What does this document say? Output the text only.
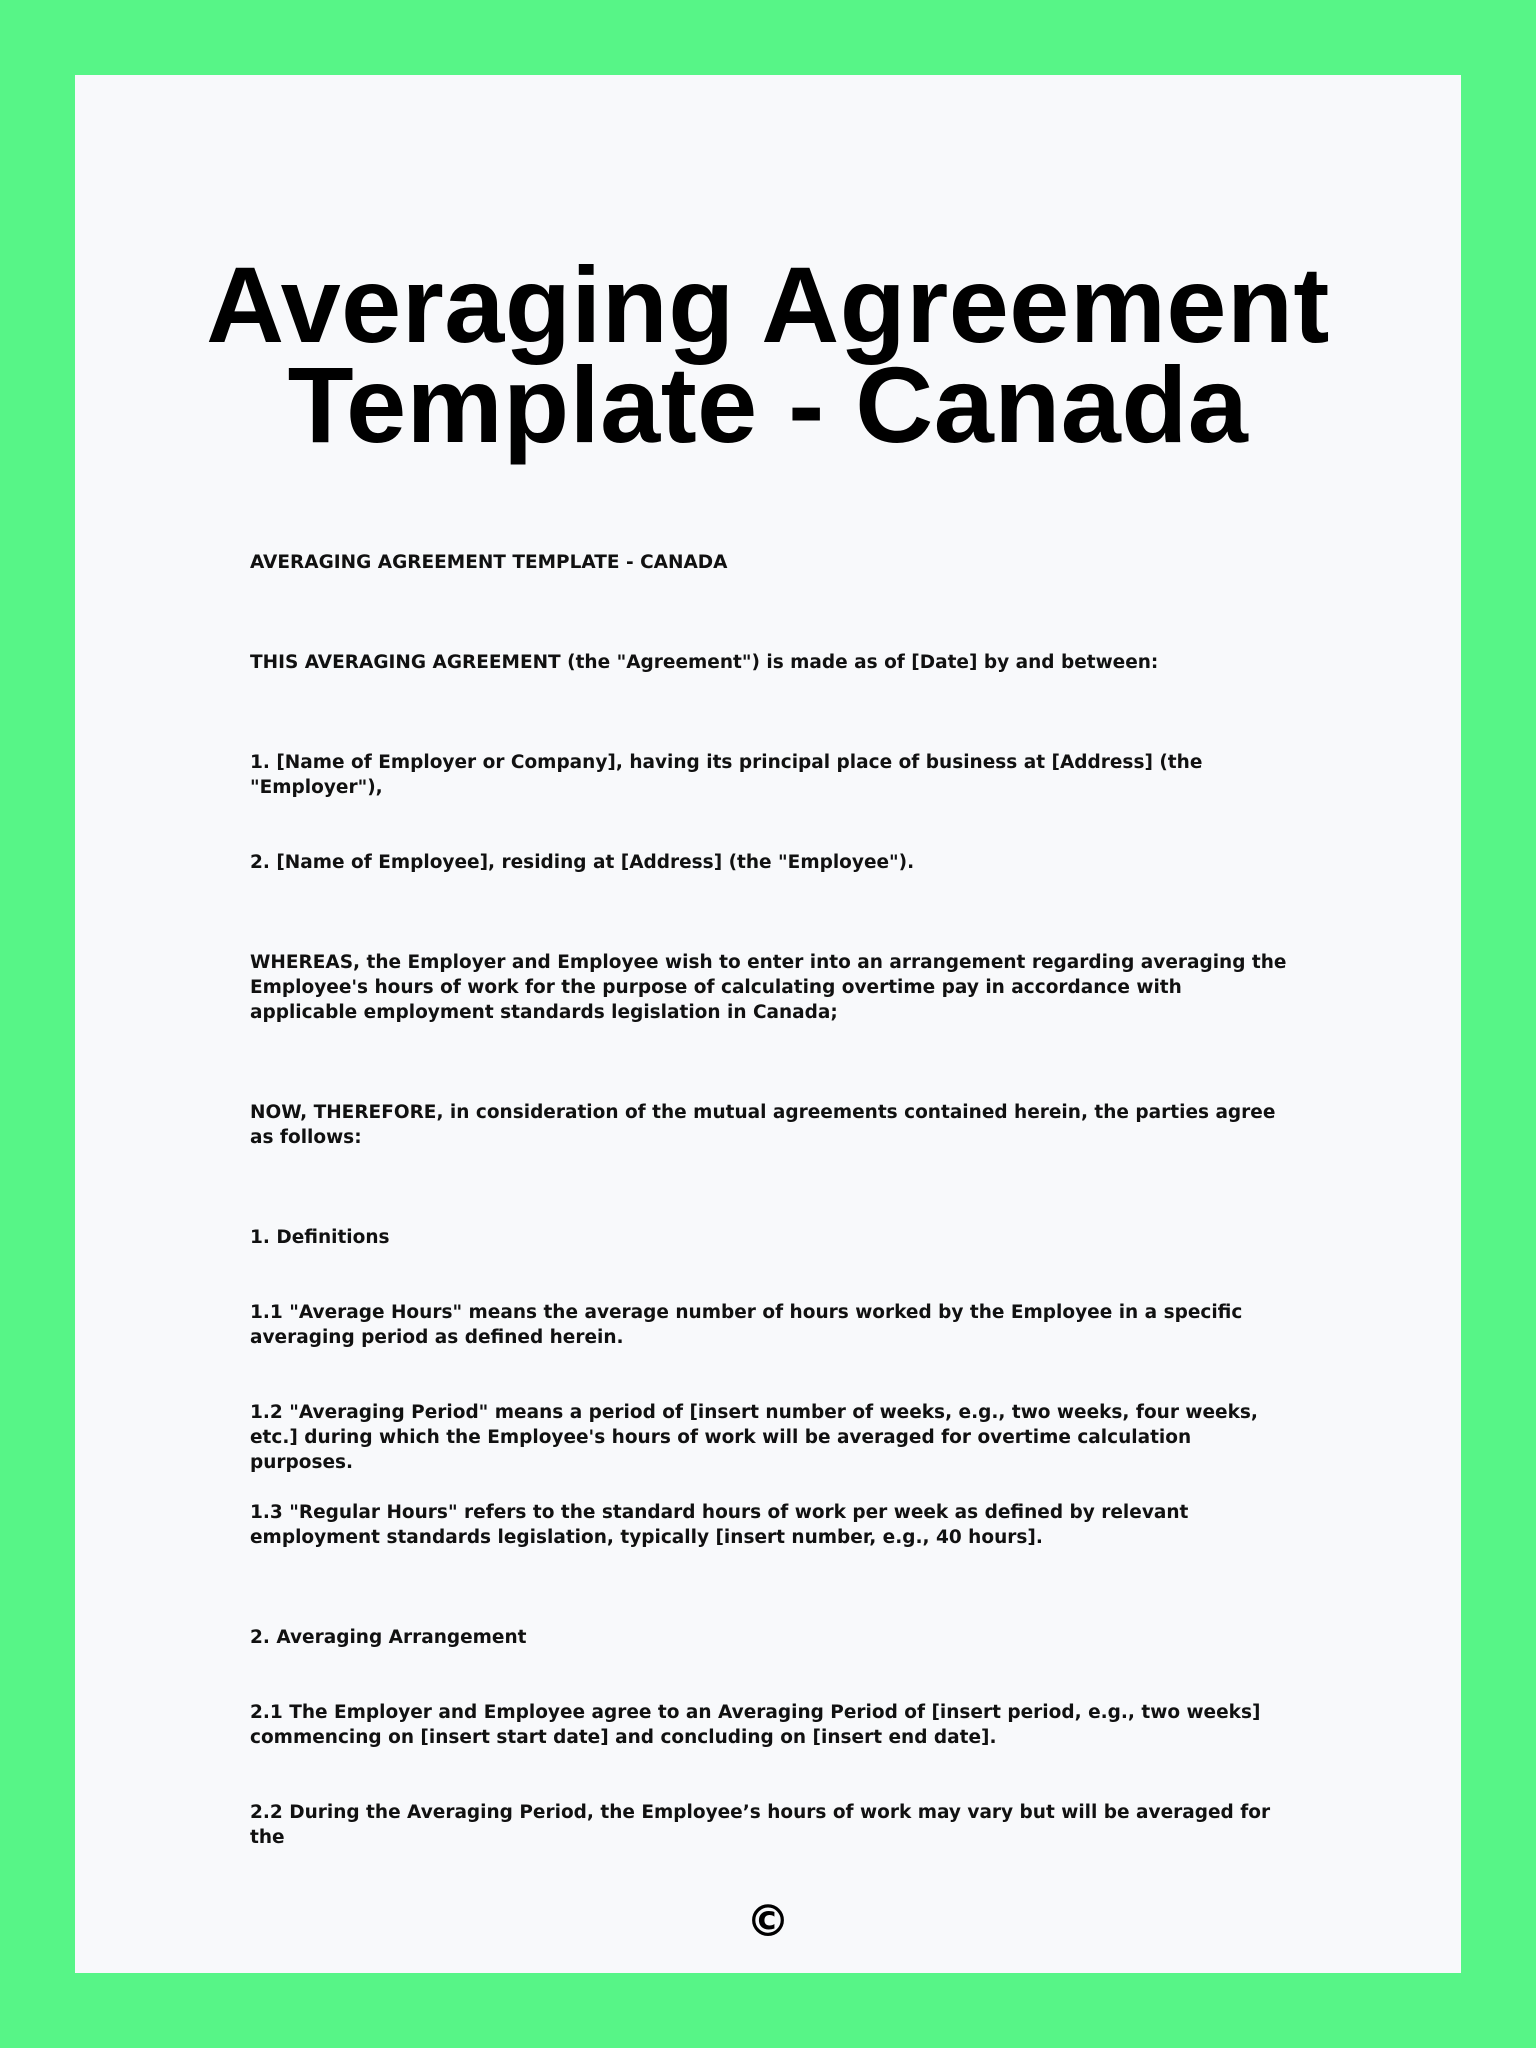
Averaging Agreement
Template - Canada

AVERAGING AGREEMENT TEMPLATE - CANADA

THIS AVERAGING AGREEMENT (the "Agreement") is made as of [Date] by and between:

1. [Name of Employer or Company], having its principal place of business at [Address] (the "Employer"),

2. [Name of Employee], residing at [Address] (the "Employee").

WHEREAS, the Employer and Employee wish to enter into an arrangement regarding averaging the Employee's hours of work for the purpose of calculating overtime pay in accordance with applicable employment standards legislation in Canada;

NOW, THEREFORE, in consideration of the mutual agreements contained herein, the parties agree as follows:

1. Definitions

1.1 "Average Hours" means the average number of hours worked by the Employee in a specific averaging period as defined herein.

1.2 "Averaging Period" means a period of [insert number of weeks, e.g., two weeks, four weeks, etc.] during which the Employee's hours of work will be averaged for overtime calculation purposes.

1.3 "Regular Hours" refers to the standard hours of work per week as defined by relevant employment standards legislation, typically [insert number, e.g., 40 hours].

2. Averaging Arrangement

2.1 The Employer and Employee agree to an Averaging Period of [insert period, e.g., two weeks] commencing on [insert start date] and concluding on [insert end date].

2.2 During the Averaging Period, the Employee’s hours of work may vary but will be averaged for the

©
